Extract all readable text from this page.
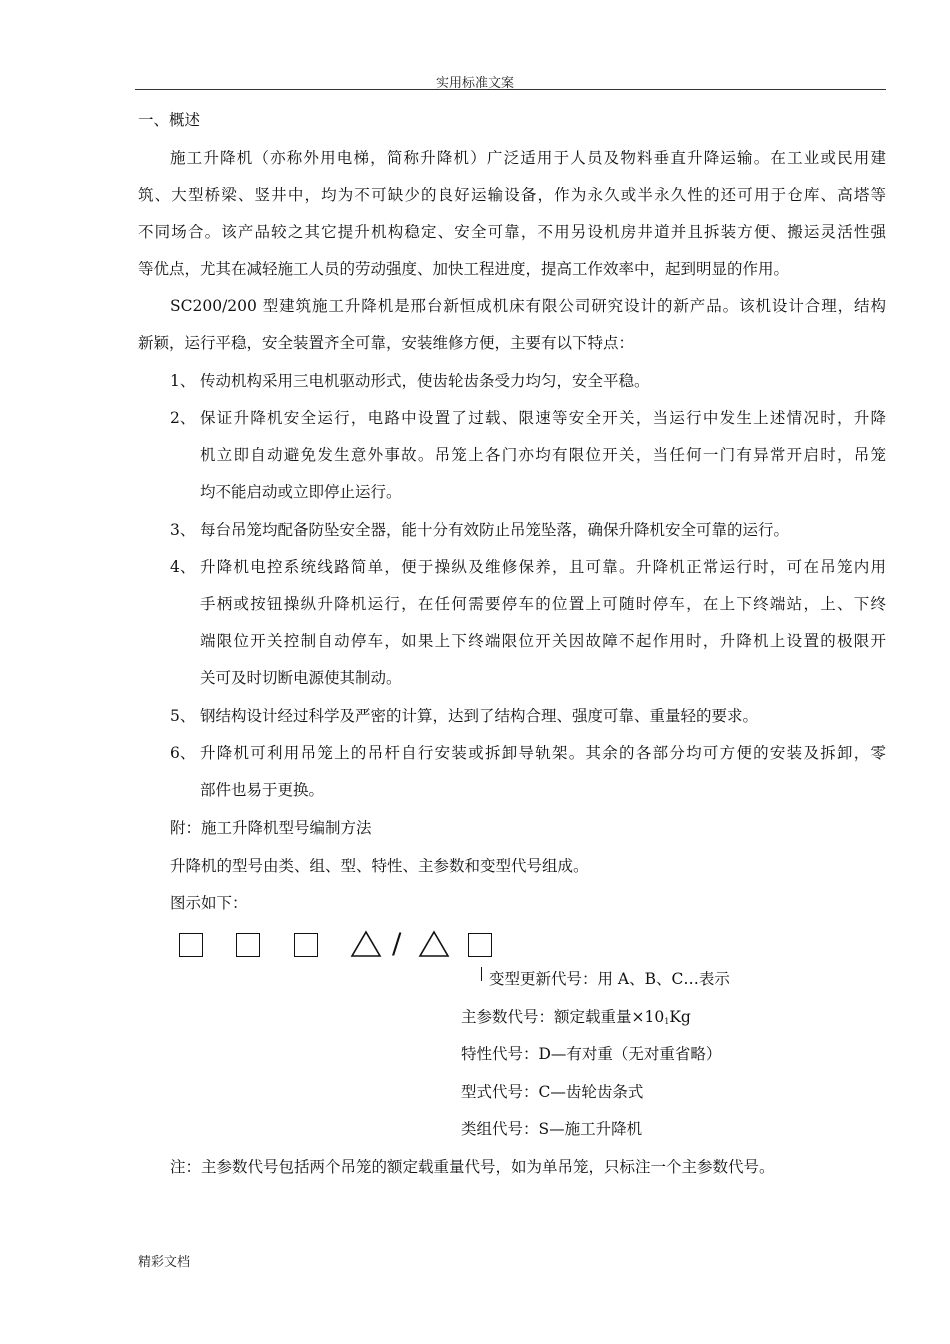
实用标准文案
一、概述
施工升降机（亦称外用电梯，简称升降机）广泛适用于人员及物料垂直升降运输。在工业或民用建
筑、大型桥梁、竖井中，均为不可缺少的良好运输设备，作为永久或半永久性的还可用于仓库、高塔等
不同场合。该产品较之其它提升机构稳定、安全可靠，不用另设机房井道并且拆装方便、搬运灵活性强
等优点，尤其在减轻施工人员的劳动强度、加快工程进度，提高工作效率中，起到明显的作用。
SC200/200 型建筑施工升降机是邢台新恒成机床有限公司研究设计的新产品。该机设计合理，结构
新颖，运行平稳，安全装置齐全可靠，安装维修方便，主要有以下特点：
1、 传动机构采用三电机驱动形式，使齿轮齿条受力均匀，安全平稳。
2、 保证升降机安全运行，电路中设置了过载、限速等安全开关，当运行中发生上述情况时，升降
机立即自动避免发生意外事故。吊笼上各门亦均有限位开关，当任何一门有异常开启时，吊笼
均不能启动或立即停止运行。
3、 每台吊笼均配备防坠安全器，能十分有效防止吊笼坠落，确保升降机安全可靠的运行。
4、 升降机电控系统线路简单，便于操纵及维修保养，且可靠。升降机正常运行时，可在吊笼内用
手柄或按钮操纵升降机运行，在任何需要停车的位置上可随时停车，在上下终端站，上、下终
端限位开关控制自动停车，如果上下终端限位开关因故障不起作用时，升降机上设置的极限开
关可及时切断电源使其制动。
5、 钢结构设计经过科学及严密的计算，达到了结构合理、强度可靠、重量轻的要求。
6、 升降机可利用吊笼上的吊杆自行安装或拆卸导轨架。其余的各部分均可方便的安装及拆卸，零
部件也易于更换。
附：施工升降机型号编制方法
升降机的型号由类、组、型、特性、主参数和变型代号组成。
图示如下：
/
变型更新代号：用 A、B、C…表示
主参数代号：额定载重量×101Kg
特性代号：D—有对重（无对重省略）
型式代号：C—齿轮齿条式
类组代号：S—施工升降机
注：主参数代号包括两个吊笼的额定载重量代号，如为单吊笼，只标注一个主参数代号。
精彩文档
